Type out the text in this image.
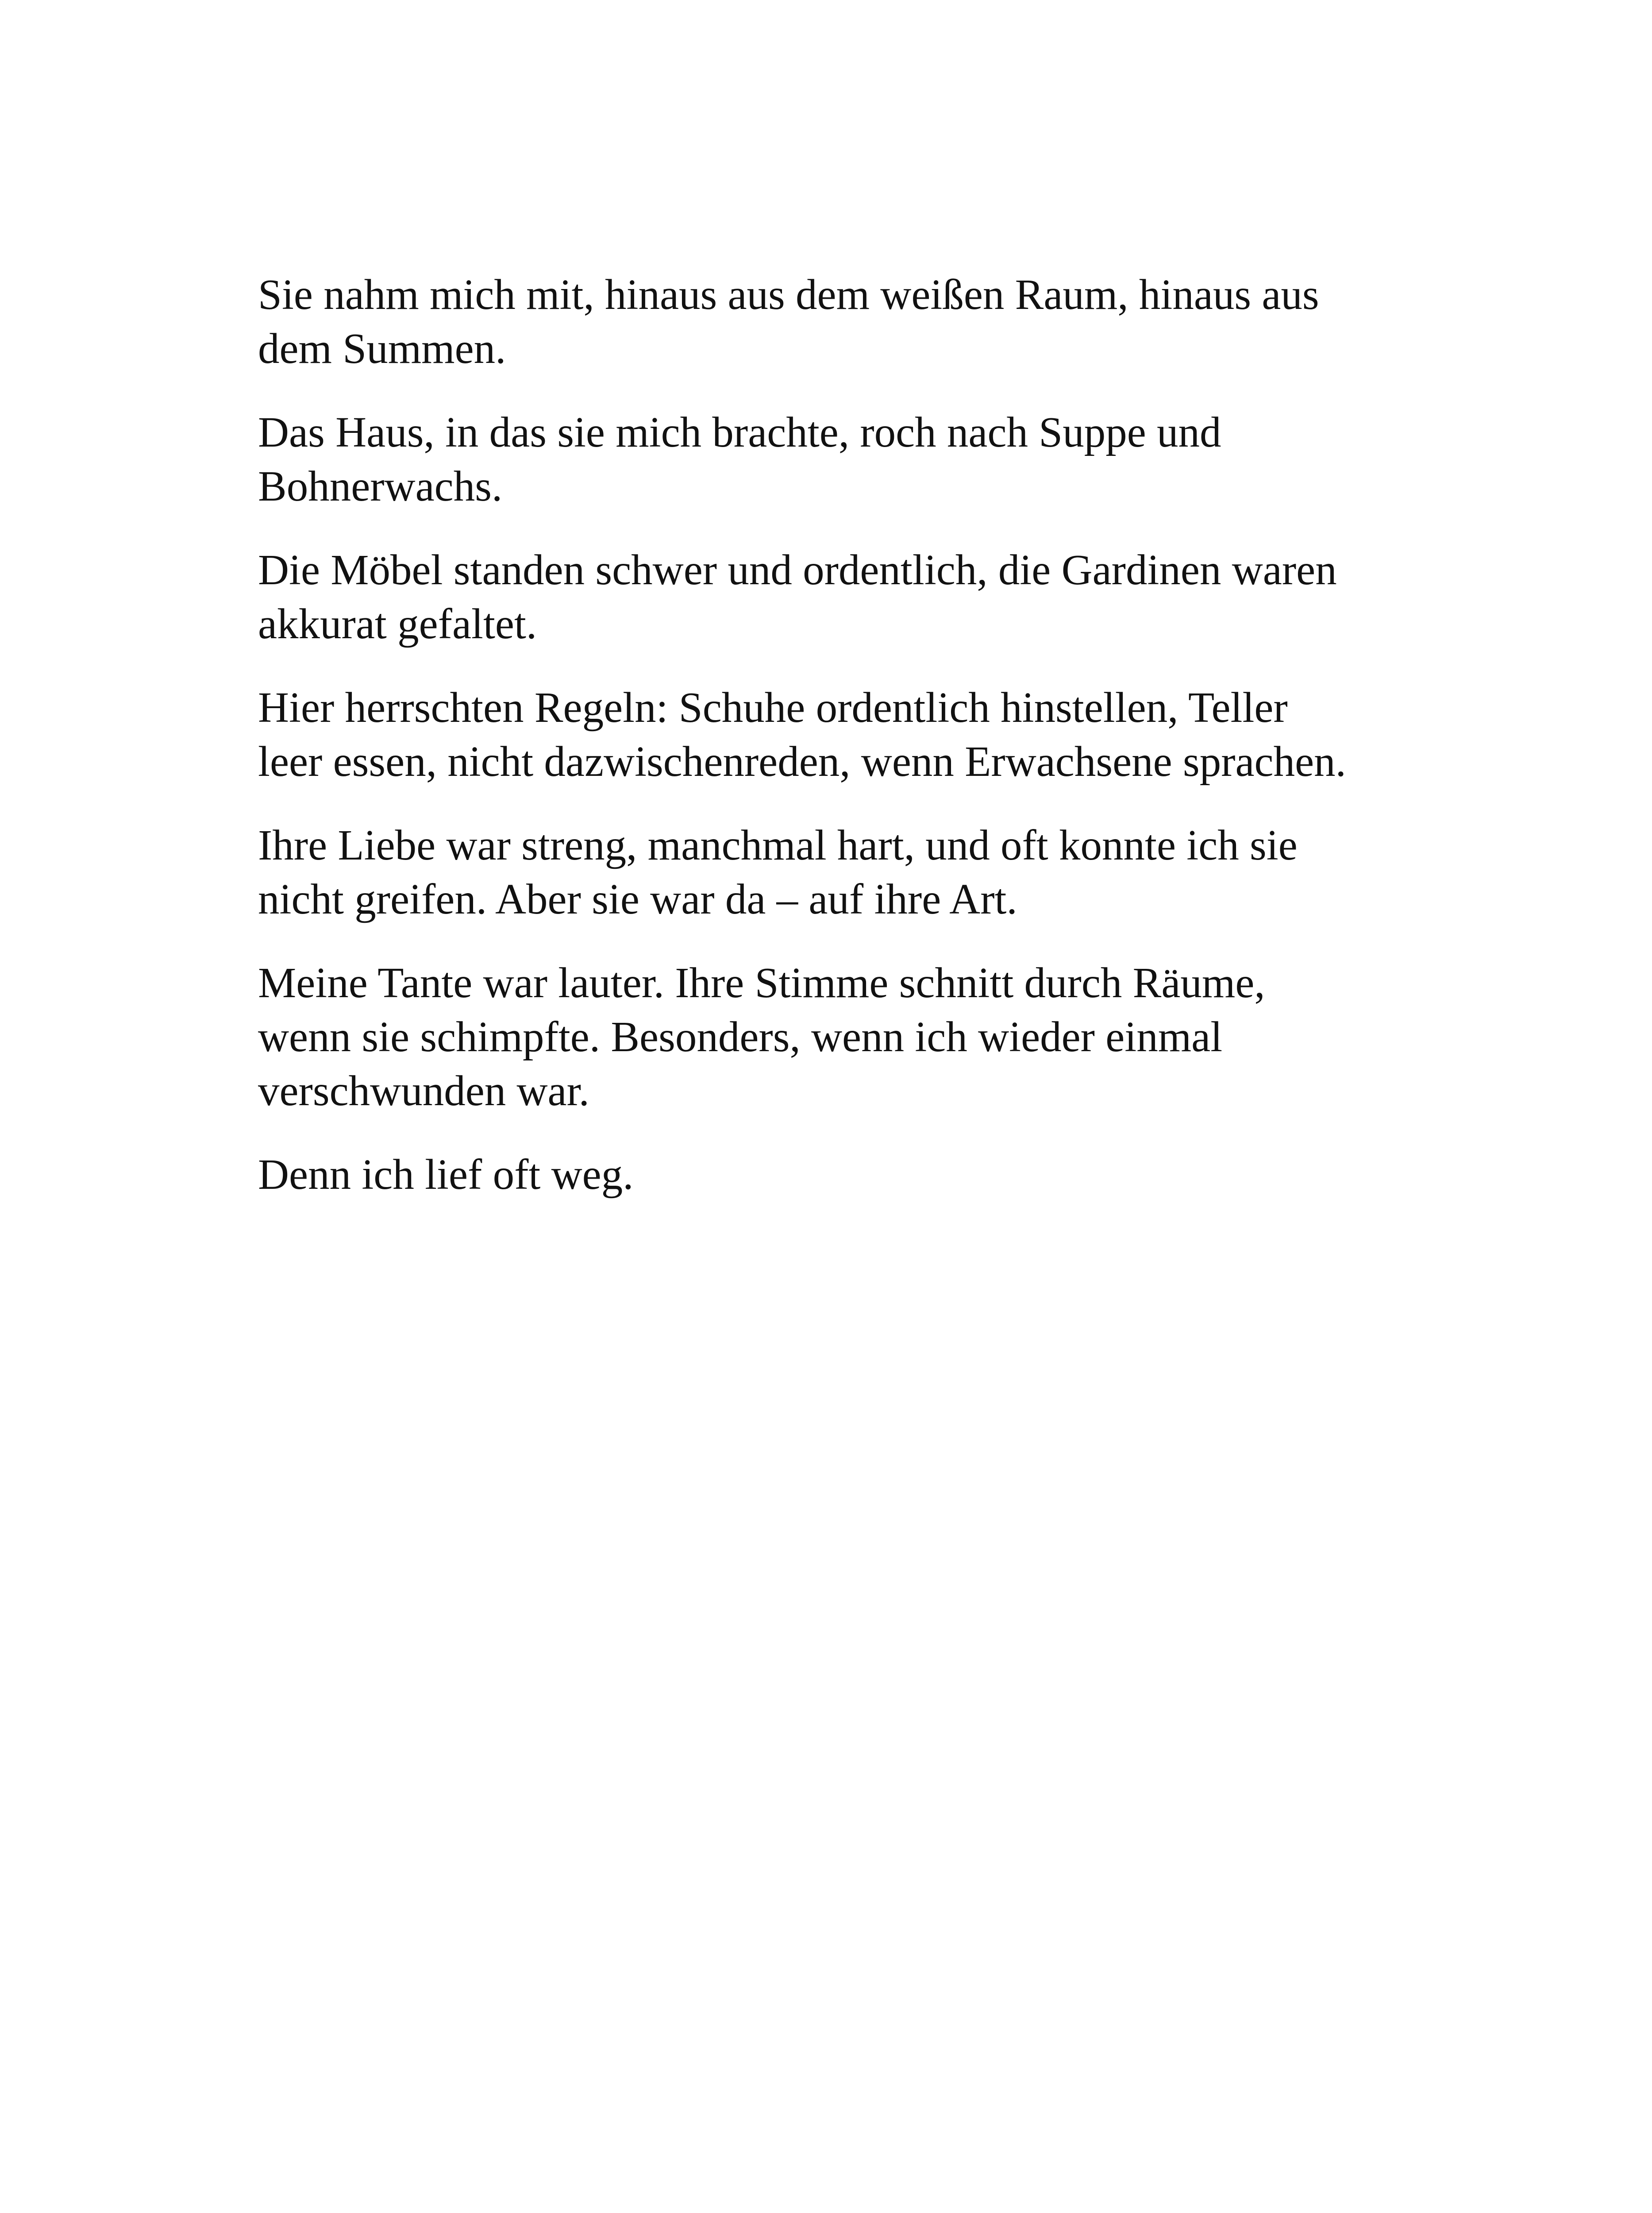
Sie nahm mich mit, hinaus aus dem weißen Raum, hinaus aus
dem Summen.

Das Haus, in das sie mich brachte, roch nach Suppe und
Bohnerwachs.

Die Möbel standen schwer und ordentlich, die Gardinen waren
akkurat gefaltet.

Hier herrschten Regeln: Schuhe ordentlich hinstellen, Teller
leer essen, nicht dazwischenreden, wenn Erwachsene sprachen.

Ihre Liebe war streng, manchmal hart, und oft konnte ich sie
nicht greifen. Aber sie war da – auf ihre Art.

Meine Tante war lauter. Ihre Stimme schnitt durch Räume,
wenn sie schimpfte. Besonders, wenn ich wieder einmal
verschwunden war.

Denn ich lief oft weg.
